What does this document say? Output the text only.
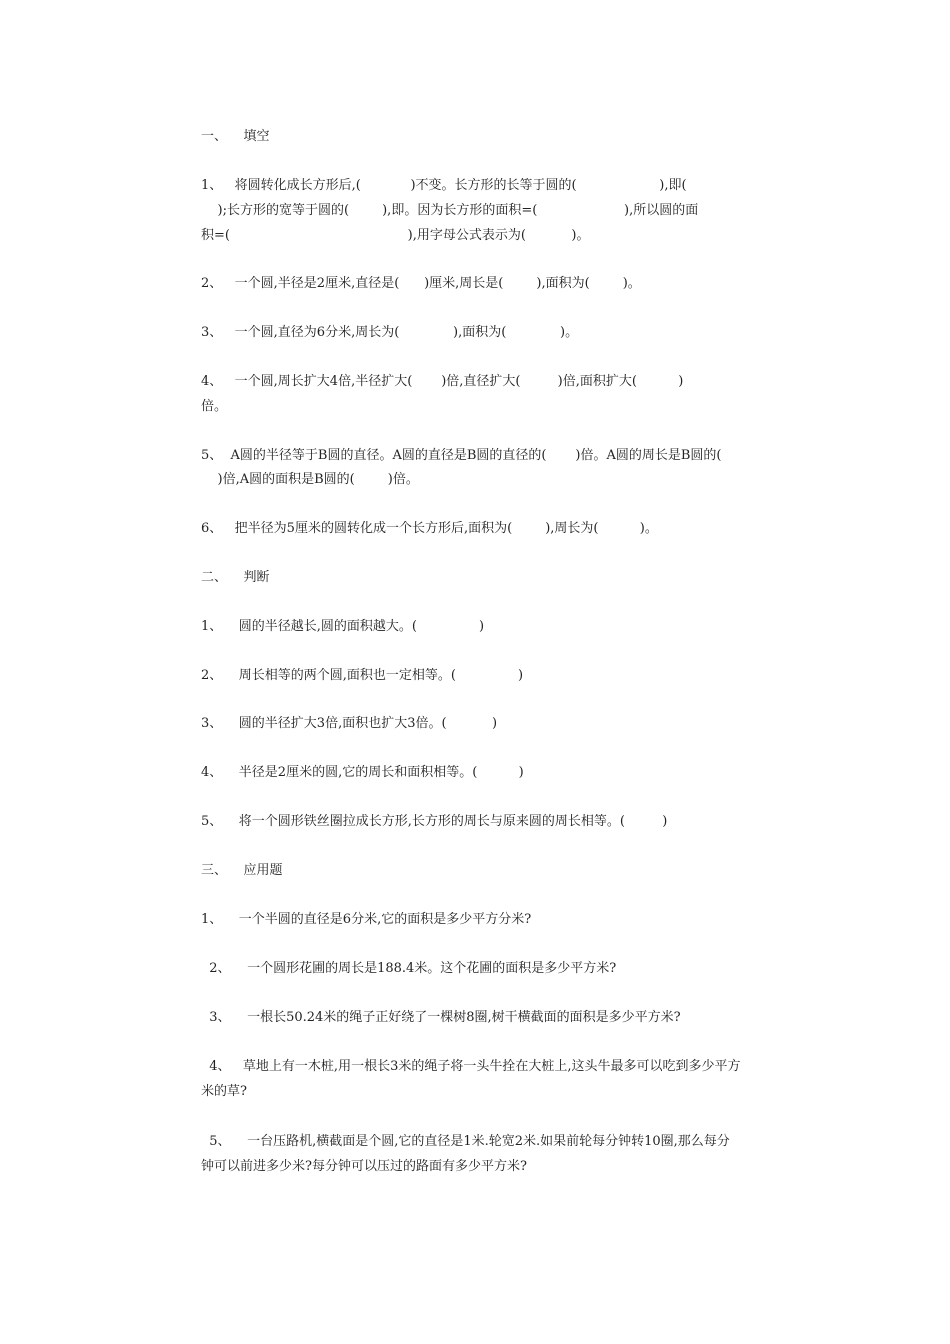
一、    填空
1、   将圆转化成长方形后,(            )不变。长方形的长等于圆的(                    ),即(
);长方形的宽等于圆的(        ),即。因为长方形的面积=(                     ),所以圆的面
积=(                                           ),用字母公式表示为(           )。
2、   一个圆,半径是2厘米,直径是(      )厘米,周长是(        ),面积为(        )。
3、   一个圆,直径为6分米,周长为(             ),面积为(             )。
4、   一个圆,周长扩大4倍,半径扩大(       )倍,直径扩大(         )倍,面积扩大(          )
倍。
5、  A圆的半径等于B圆的直径。A圆的直径是B圆的直径的(       )倍。A圆的周长是B圆的(
)倍,A圆的面积是B圆的(        )倍。
6、   把半径为5厘米的圆转化成一个长方形后,面积为(        ),周长为(          )。
二、    判断
1、    圆的半径越长,圆的面积越大。(               )
2、    周长相等的两个圆,面积也一定相等。(               )
3、    圆的半径扩大3倍,面积也扩大3倍。(           )
4、    半径是2厘米的圆,它的周长和面积相等。(          )
5、    将一个圆形铁丝圈拉成长方形,长方形的周长与原来圆的周长相等。(         )
三、    应用题
1、    一个半圆的直径是6分米,它的面积是多少平方分米?
2、    一个圆形花圃的周长是188.4米。这个花圃的面积是多少平方米?
3、    一根长50.24米的绳子正好绕了一棵树8圈,树干横截面的面积是多少平方米?
4、   草地上有一木桩,用一根长3米的绳子将一头牛拴在大桩上,这头牛最多可以吃到多少平方
米的草?
5、    一台压路机,横截面是个圆,它的直径是1米.轮宽2米.如果前轮每分钟转10圈,那么每分
钟可以前进多少米?每分钟可以压过的路面有多少平方米?
